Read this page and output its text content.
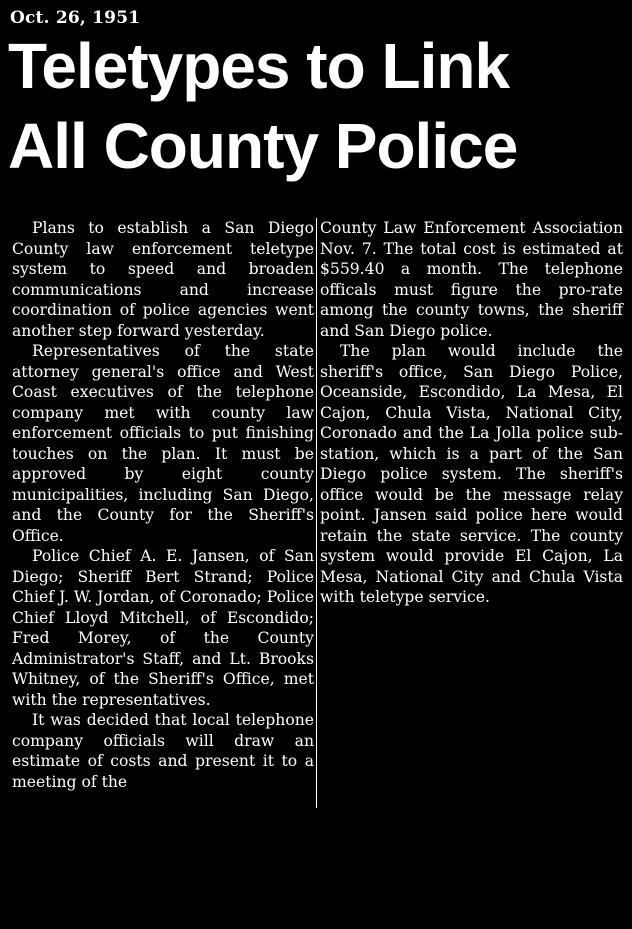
Oct. 26, 1951
Teletypes to Link
All County Police

Plans to establish a San Diego County law enforcement teletype system to speed and broaden communications and increase coordination of police agencies went another step forward yesterday.

Representatives of the state attorney general's office and West Coast executives of the telephone company met with county law enforcement officials to put finishing touches on the plan. It must be approved by eight county municipalities, including San Diego, and the County for the Sheriff's Office.

Police Chief A. E. Jansen, of San Diego; Sheriff Bert Strand; Police Chief J. W. Jordan, of Coronado; Police Chief Lloyd Mitchell, of Escondido; Fred Morey, of the County Administrator's Staff, and Lt. Brooks Whitney, of the Sheriff's Office, met with the representatives.

It was decided that local telephone company officials will draw an estimate of costs and present it to a meeting of the

County Law Enforcement Association Nov. 7. The total cost is estimated at $559.40 a month. The telephone officals must figure the pro-rate among the county towns, the sheriff and San Diego police.

The plan would include the sheriff's office, San Diego Police, Oceanside, Escondido, La Mesa, El Cajon, Chula Vista, National City, Coronado and the La Jolla police sub-station, which is a part of the San Diego police system. The sheriff's office would be the message relay point. Jansen said police here would retain the state service. The county system would provide El Cajon, La Mesa, National City and Chula Vista with teletype service.
